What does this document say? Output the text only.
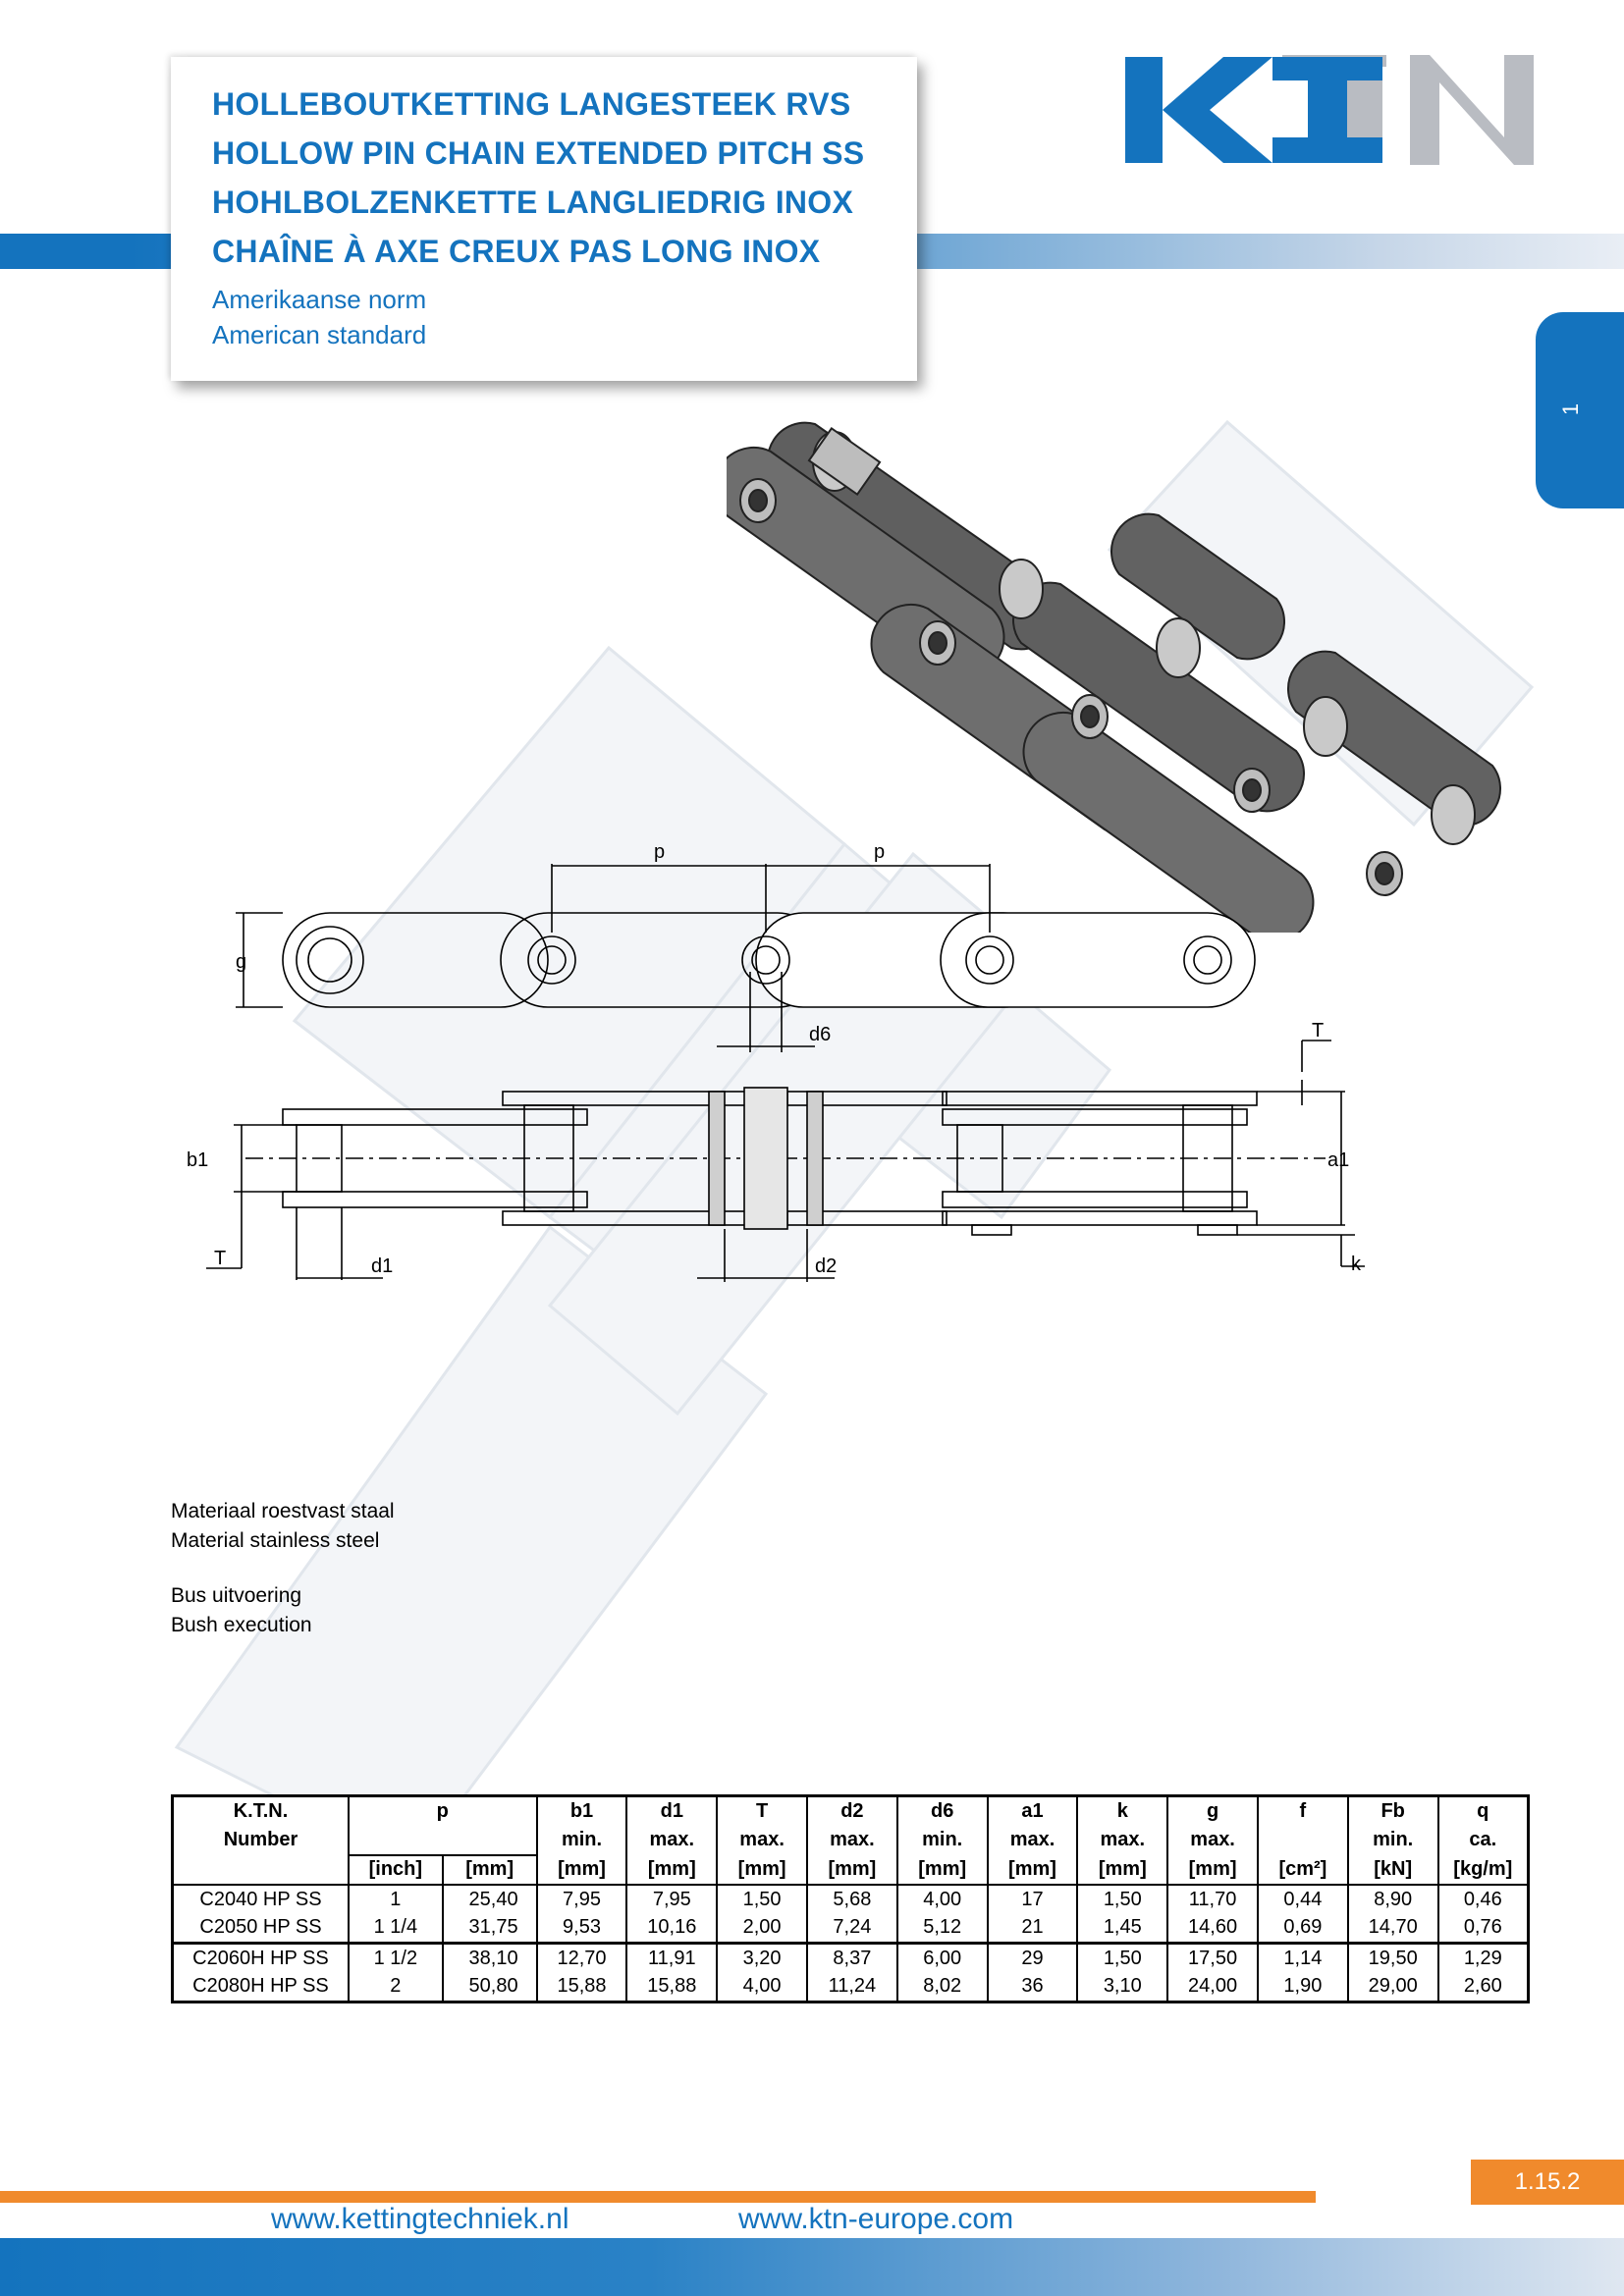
HOLLEBOUTKETTING LANGESTEEK RVS
HOLLOW PIN CHAIN EXTENDED PITCH SS
HOHLBOLZENKETTE LANGLIEDRIG INOX
CHAÎNE À AXE CREUX PAS LONG INOX
Amerikaanse norm
American standard
1
p	p
g
d6	T
b1	a1
T	d1	d2	k
Materiaal roestvast staal
Material stainless steel
Bus uitvoering
Bush execution
K.T.N.	p		b1	d1	T	d2	d6	a1	k	g	f	Fb	q
Number			min.	max.	max.	max.	min.	max.	max.	max.		min.	ca.
	[inch]	[mm]	[mm]	[mm]	[mm]	[mm]	[mm]	[mm]	[mm]	[mm]	[cm²]	[kN]	[kg/m]
C2040 HP SS	1	25,40	7,95	7,95	1,50	5,68	4,00	17	1,50	11,70	0,44	8,90	0,46
C2050 HP SS	1 1/4	31,75	9,53	10,16	2,00	7,24	5,12	21	1,45	14,60	0,69	14,70	0,76
C2060H HP SS	1 1/2	38,10	12,70	11,91	3,20	8,37	6,00	29	1,50	17,50	1,14	19,50	1,29
C2080H HP SS	2	50,80	15,88	15,88	4,00	11,24	8,02	36	3,10	24,00	1,90	29,00	2,60
1.15.2
www.kettingtechniek.nl	www.ktn-europe.com
